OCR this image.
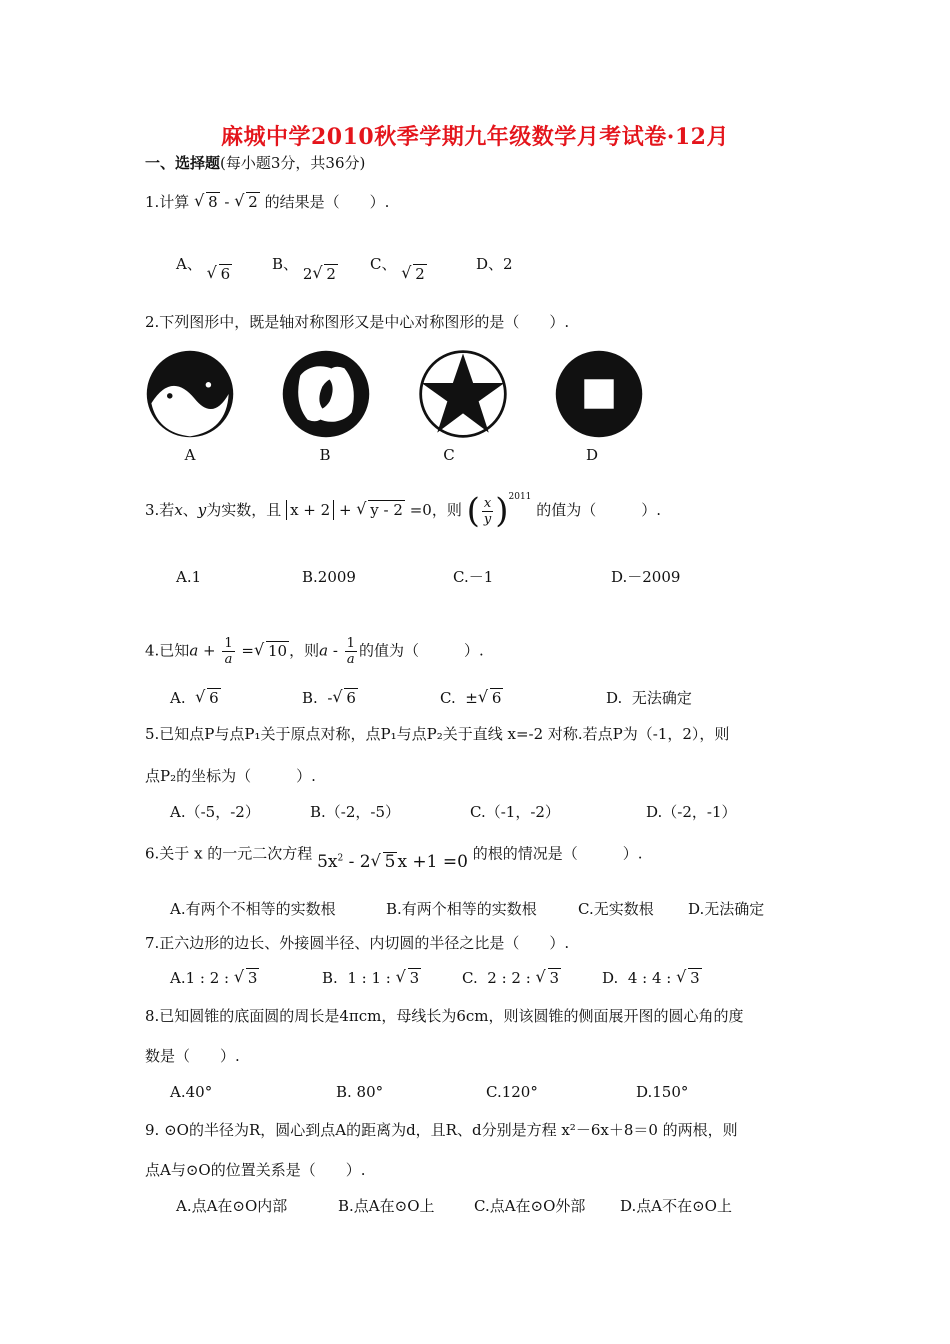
麻城中学2010秋季学期九年级数学月考试卷·12月
一、选择题(每小题3分，共36分)
1.计算 √ 8 - √ 2 的结果是（　　）.
A、 √ 6
B、 2√ 2
C、 √ 2
D、2
2.下列图形中，既是轴对称图形又是中心对称图形的是（　　）.
A	B	C	D
3.若x、y为实数，且 x + 2 + √ y - 2 =0，则 ( $\frac{x}{y} )^{2011}$
的值为（　　　）.
A.1	B.2009	C.－1	D.－2009
4.已知$a + \frac{1}{a}$ =√ 10 ，则a - $\frac{1}{a}$ 的值为（　　　）.
A.  √ 6	B. -√ 6	C. ±√ 6	D. 无法确定
5.已知点P与点P₁关于原点对称，点P₁与点P₂关于直线 x=-2 对称.若点P为（-1，2），则
点P₂的坐标为（　　　）.
A.（-5，-2）	B.（-2，-5）	C.（-1，-2）	D.（-2，-1）
6.关于 x 的一元二次方程 $5x^2 - 2√$ 5 x +1 =0 的根的情况是（　　　）.
A.有两个不相等的实数根	B.有两个相等的实数根	C.无实数根 D.无法确定
7.正六边形的边长、外接圆半径、内切圆的半径之比是（　　）.
A.1 : 2 : √ 3	B. 1 : 1 : √ 3	C. 2 : 2 : √ 3	D. 4 : 4 : √ 3
8.已知圆锥的底面圆的周长是4πcm，母线长为6cm，则该圆锥的侧面展开图的圆心角的度
数是（　　）.
A.40°	B. 80°	C.120°	D.150°
9. ⊙O的半径为R，圆心到点A的距离为d，且R、d分别是方程 x²－6x＋8＝0 的两根，则
点A与⊙O的位置关系是（　　）.
A.点A在⊙O内部	B.点A在⊙O上	C.点A在⊙O外部 D.点A不在⊙O上
